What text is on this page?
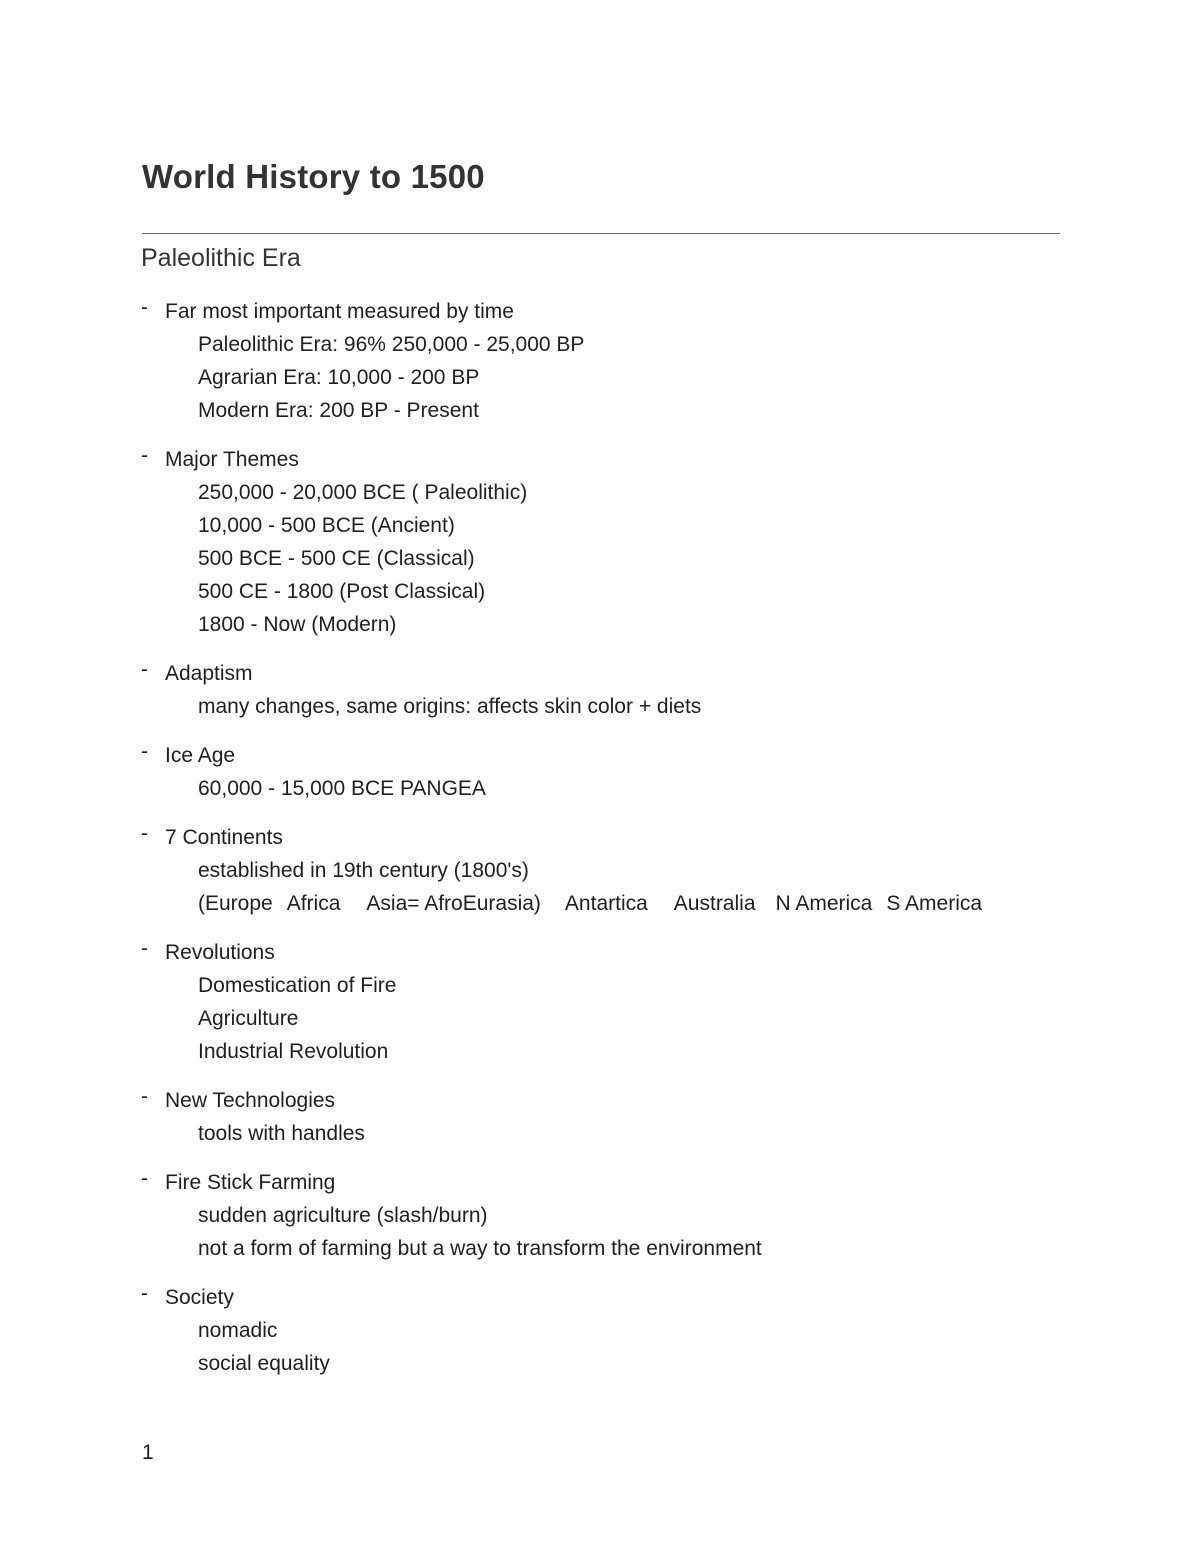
World History to 1500
Paleolithic Era
- Far most important measured by time
Paleolithic Era: 96% 250,000 - 25,000 BP
Agrarian Era: 10,000 - 200 BP
Modern Era: 200 BP - Present
- Major Themes
250,000 - 20,000 BCE ( Paleolithic)
10,000 - 500 BCE (Ancient)
500 BCE - 500 CE (Classical)
500 CE - 1800 (Post Classical)
1800 - Now (Modern)
- Adaptism
many changes, same origins: affects skin color + diets
- Ice Age
60,000 - 15,000 BCE PANGEA
- 7 Continents
established in 19th century (1800's)
(Europe Africa Asia= AfroEurasia) Antartica Australia N America S America
- Revolutions
Domestication of Fire
Agriculture
Industrial Revolution
- New Technologies
tools with handles
- Fire Stick Farming
sudden agriculture (slash/burn)
not a form of farming but a way to transform the environment
- Society
nomadic
social equality
1
